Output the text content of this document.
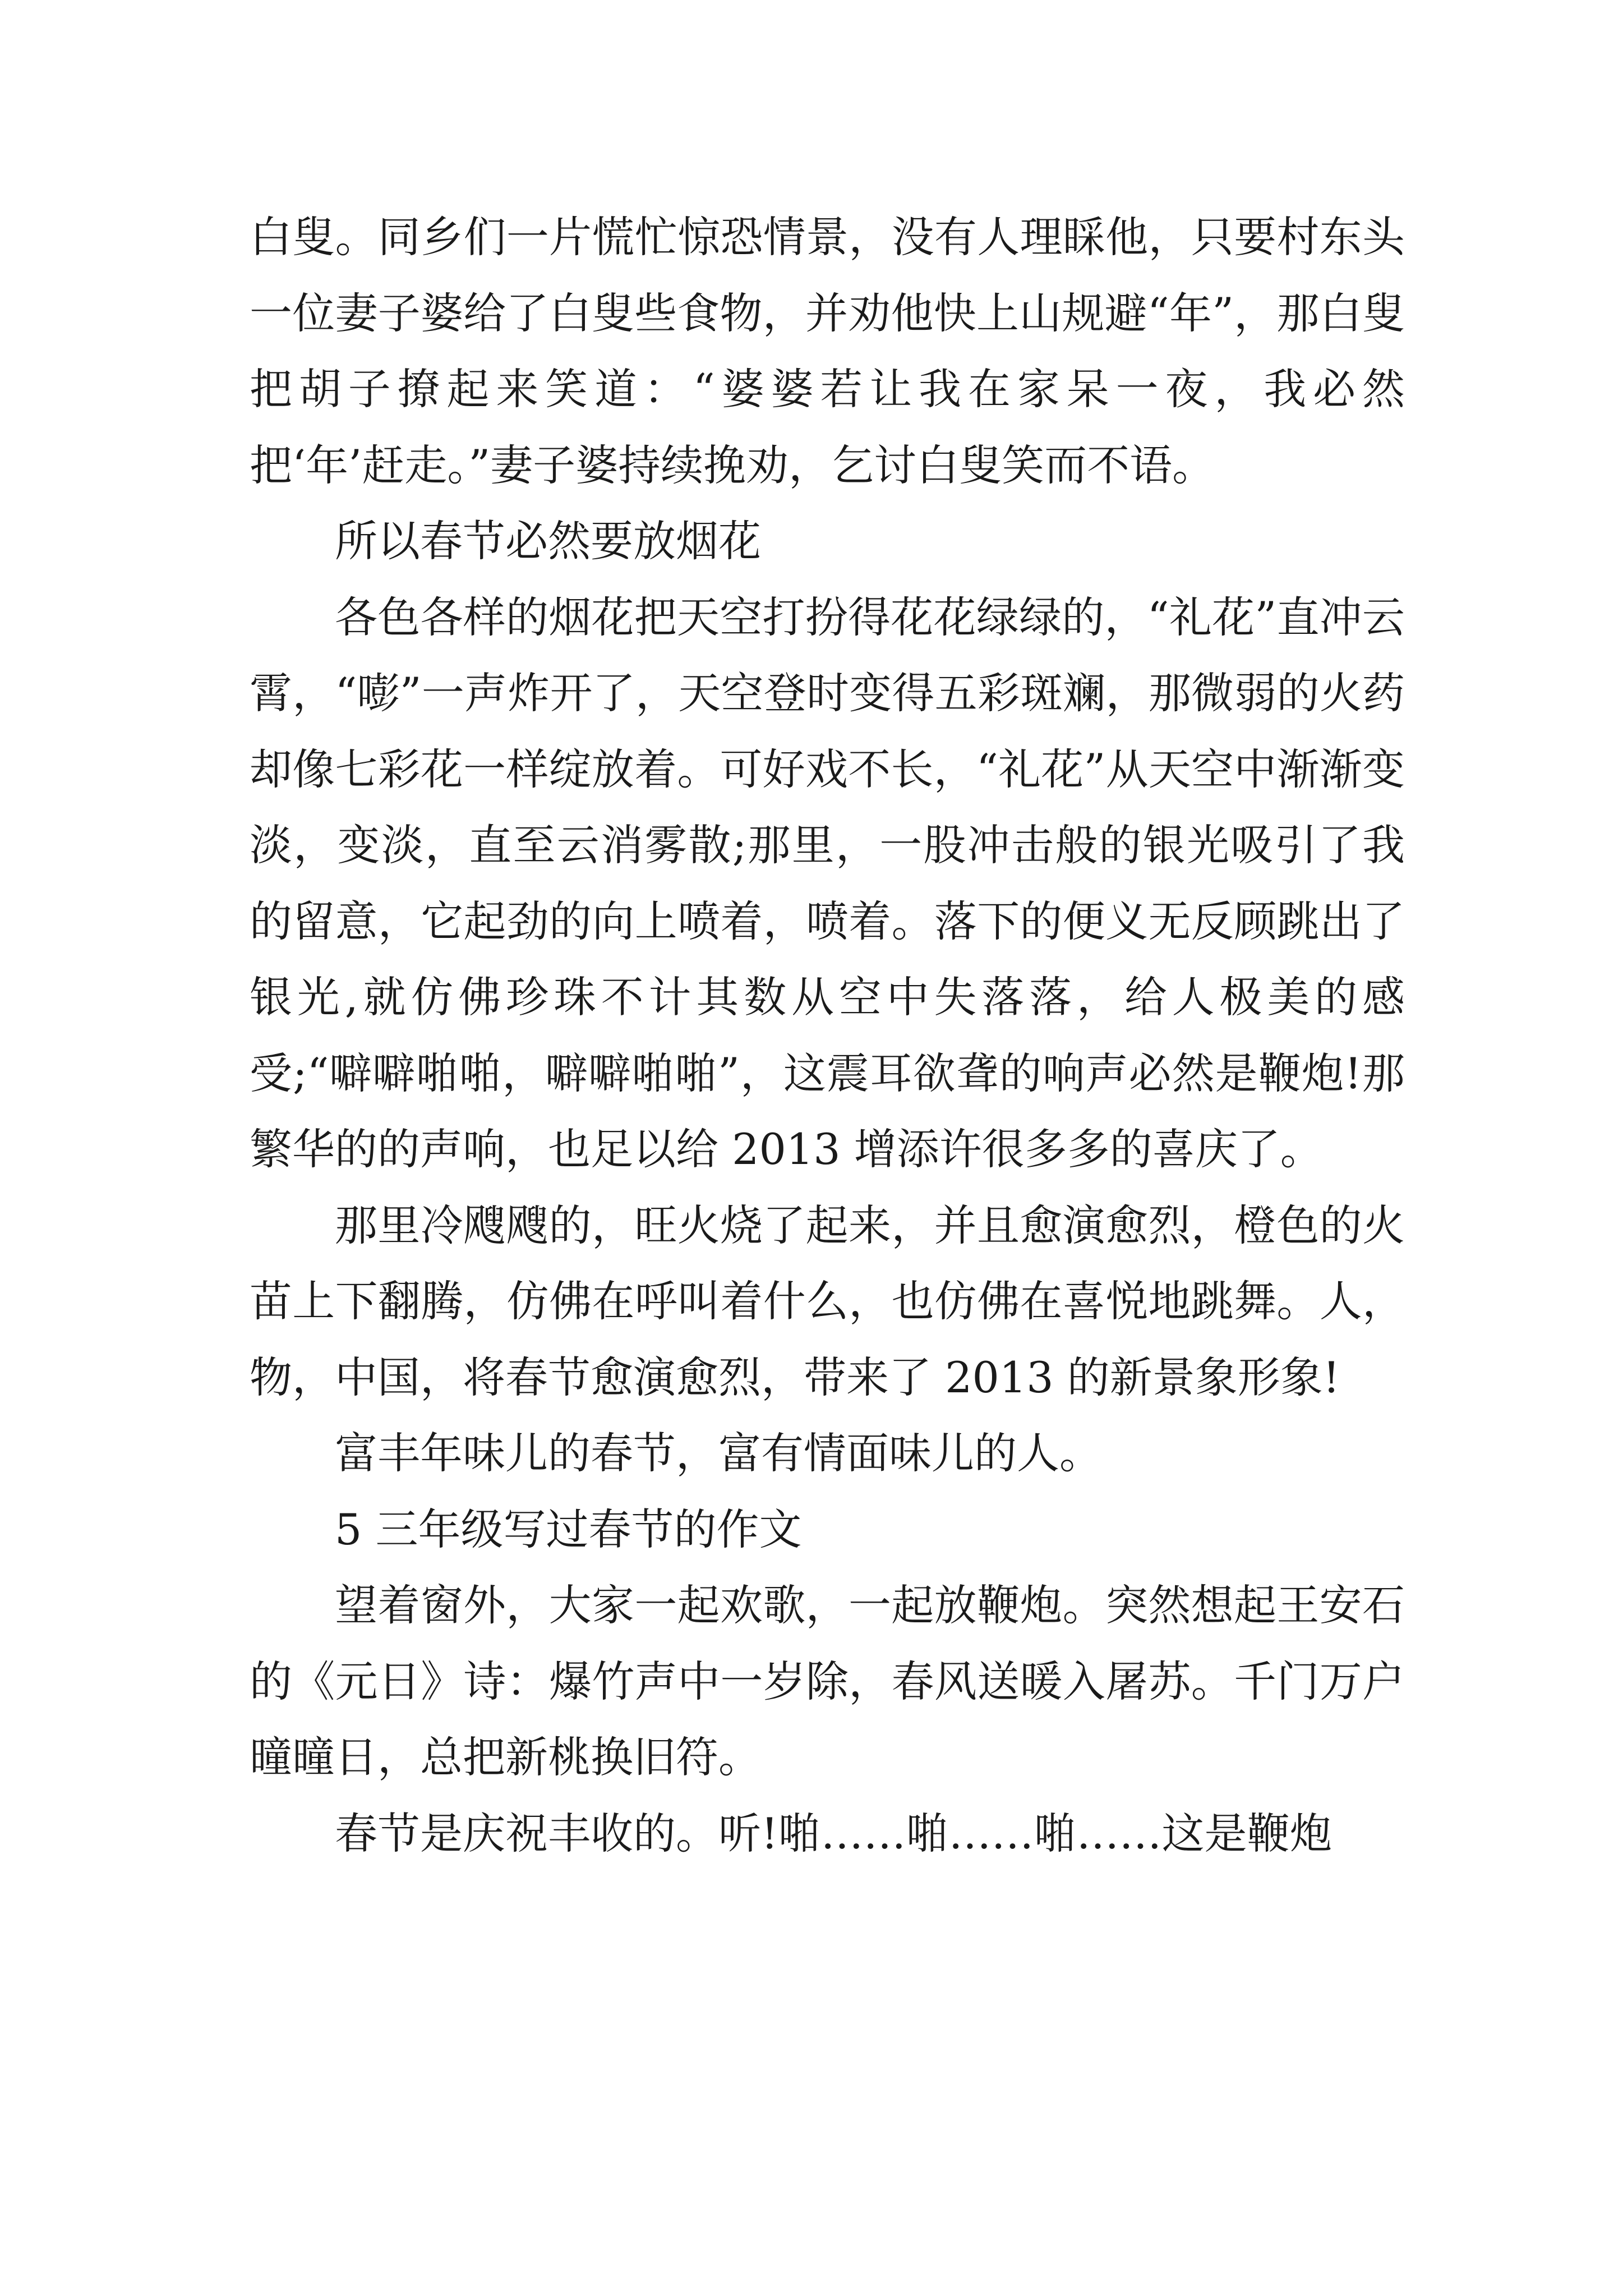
白叟。同乡们一片慌忙惊恐情景，没有人理睬他，只要村东头一位妻子婆给了白叟些食物，并劝他快上山规避“年”，那白叟把胡子撩起来笑道：“婆婆若让我在家呆一夜，我必然把‘年’赶走。”妻子婆持续挽劝，乞讨白叟笑而不语。

所以春节必然要放烟花

各色各样的烟花把天空打扮得花花绿绿的，“礼花”直冲云霄，“嘭”一声炸开了，天空登时变得五彩斑斓，那微弱的火药却像七彩花一样绽放着。可好戏不长，“礼花”从天空中渐渐变淡，变淡，直至云消雾散;那里，一股冲击般的银光吸引了我的留意，它起劲的向上喷着，喷着。落下的便义无反顾跳出了银光,就仿佛珍珠不计其数从空中失落落，给人极美的感受;“噼噼啪啪，噼噼啪啪”，这震耳欲聋的响声必然是鞭炮!那繁华的的声响，也足以给 2013 增添许很多多的喜庆了。

那里冷飕飕的，旺火烧了起来，并且愈演愈烈，橙色的火苗上下翻腾，仿佛在呼叫着什么，也仿佛在喜悦地跳舞。人，物，中国，将春节愈演愈烈，带来了 2013 的新景象形象!

富丰年味儿的春节，富有情面味儿的人。

5 三年级写过春节的作文

望着窗外，大家一起欢歌，一起放鞭炮。突然想起王安石的《元日》诗：爆竹声中一岁除，春风送暖入屠苏。千门万户曈曈日，总把新桃换旧符。

春节是庆祝丰收的。听!啪……啪……啪……这是鞭炮
